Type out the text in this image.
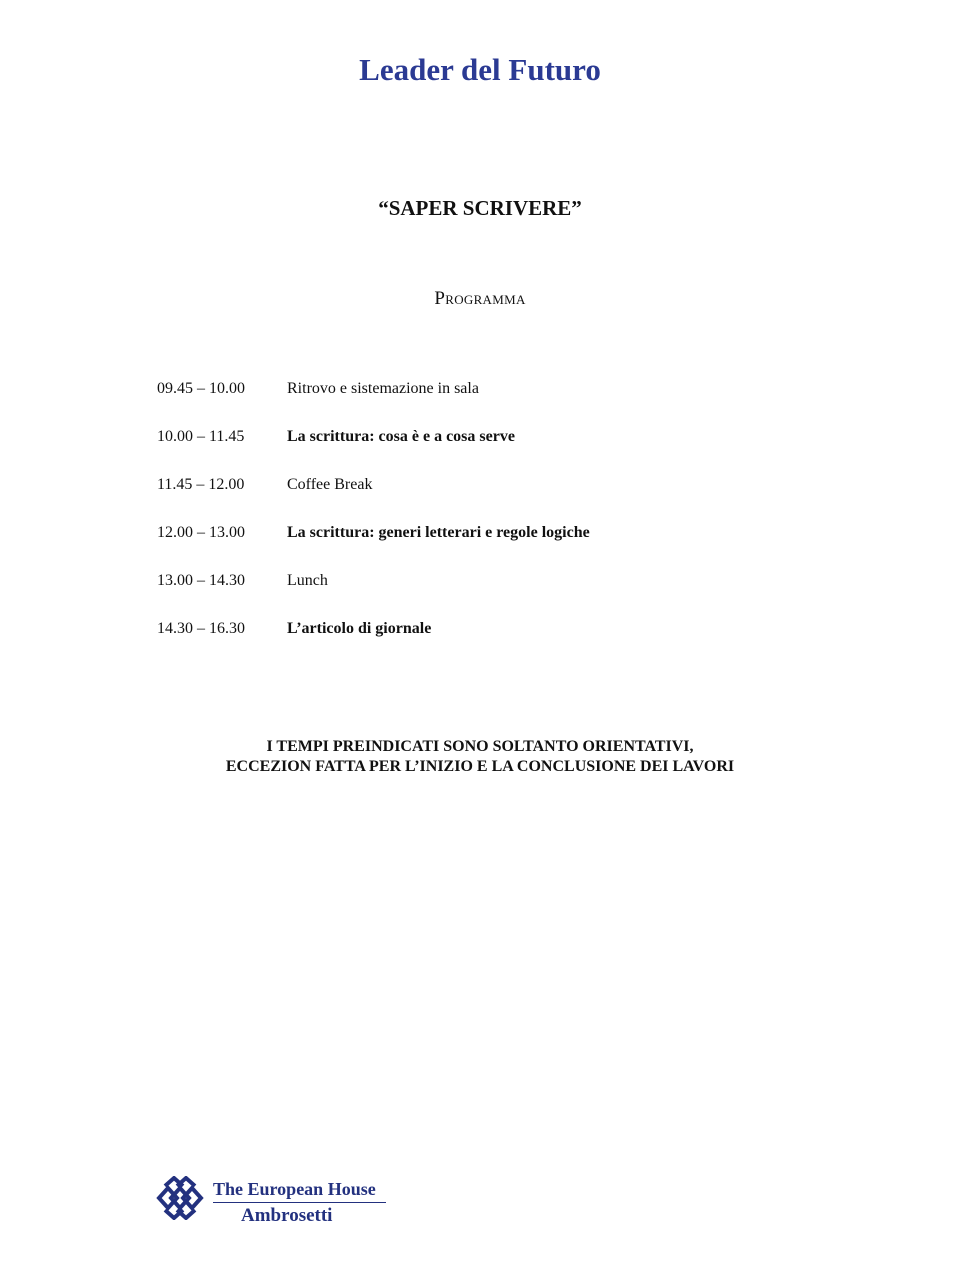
Leader del Futuro
“SAPER SCRIVERE”
Programma
09.45 – 10.00	Ritrovo e sistemazione in sala
10.00 – 11.45	La scrittura: cosa è e a cosa serve
11.45 – 12.00	Coffee Break
12.00 – 13.00	La scrittura: generi letterari e regole logiche
13.00 – 14.30	Lunch
14.30 – 16.30	L’articolo di giornale
I TEMPI PREINDICATI SONO SOLTANTO ORIENTATIVI,
ECCEZION FATTA PER L’INIZIO E LA CONCLUSIONE DEI LAVORI
The European House
Ambrosetti
